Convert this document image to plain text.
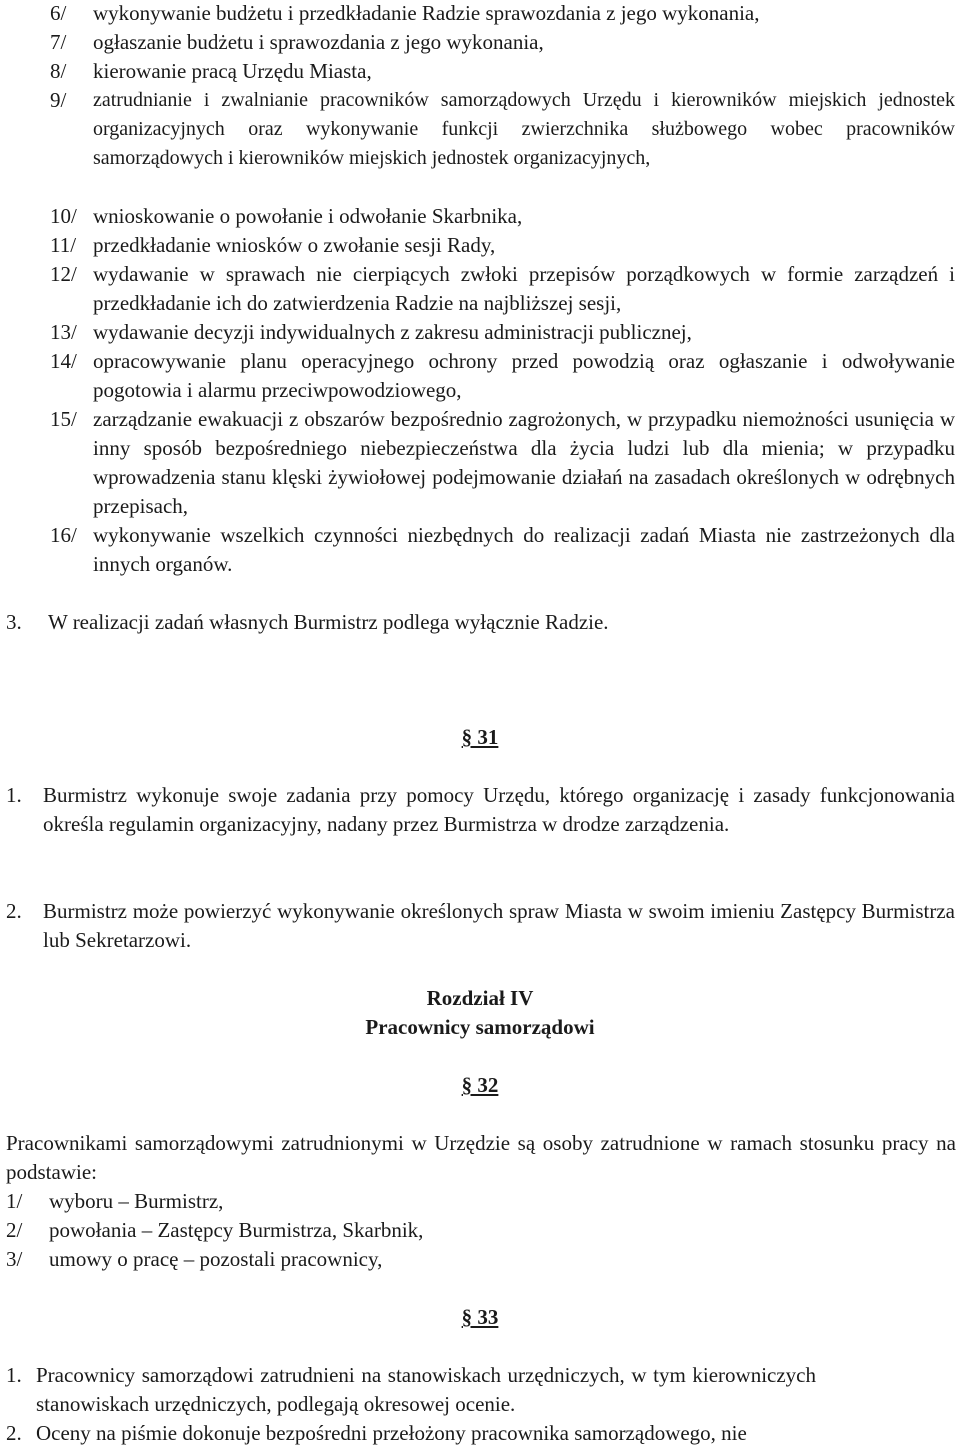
6/ wykonywanie budżetu i przedkładanie Radzie sprawozdania z jego wykonania,
7/ ogłaszanie budżetu i sprawozdania z jego wykonania,
8/ kierowanie pracą Urzędu Miasta,
9/ zatrudnianie i zwalnianie pracowników samorządowych Urzędu i kierowników miejskich jednostek organizacyjnych oraz wykonywanie funkcji zwierzchnika służbowego wobec pracowników samorządowych i kierowników miejskich jednostek organizacyjnych,
10/ wnioskowanie o powołanie i odwołanie Skarbnika,
11/ przedkładanie wniosków o zwołanie sesji Rady,
12/ wydawanie w sprawach nie cierpiących zwłoki przepisów porządkowych w formie zarządzeń i przedkładanie ich do zatwierdzenia Radzie na najbliższej sesji,
13/ wydawanie decyzji indywidualnych z zakresu administracji publicznej,
14/ opracowywanie planu operacyjnego ochrony przed powodzią oraz ogłaszanie i odwoływanie pogotowia i alarmu przeciwpowodziowego,
15/ zarządzanie ewakuacji z obszarów bezpośrednio zagrożonych, w przypadku niemożności usunięcia w inny sposób bezpośredniego niebezpieczeństwa dla życia ludzi lub dla mienia; w przypadku wprowadzenia stanu klęski żywiołowej podejmowanie działań na zasadach określonych w odrębnych przepisach,
16/ wykonywanie wszelkich czynności niezbędnych do realizacji zadań Miasta nie zastrzeżonych dla innych organów.
3. W realizacji zadań własnych Burmistrz podlega wyłącznie Radzie.
§ 31
1. Burmistrz wykonuje swoje zadania przy pomocy Urzędu, którego organizację i zasady funkcjonowania określa regulamin organizacyjny, nadany przez Burmistrza w drodze zarządzenia.
2. Burmistrz może powierzyć wykonywanie określonych spraw Miasta w swoim imieniu Zastępcy Burmistrza lub Sekretarzowi.
Rozdział IV
Pracownicy samorządowi
§ 32
Pracownikami samorządowymi zatrudnionymi w Urzędzie są osoby zatrudnione w ramach stosunku pracy na podstawie:
1/ wyboru – Burmistrz,
2/ powołania – Zastępcy Burmistrza, Skarbnik,
3/ umowy o pracę – pozostali pracownicy,
§ 33
1. Pracownicy samorządowi zatrudnieni na stanowiskach urzędniczych, w tym kierowniczych stanowiskach urzędniczych, podlegają okresowej ocenie.
2. Oceny na piśmie dokonuje bezpośredni przełożony pracownika samorządowego, nie
